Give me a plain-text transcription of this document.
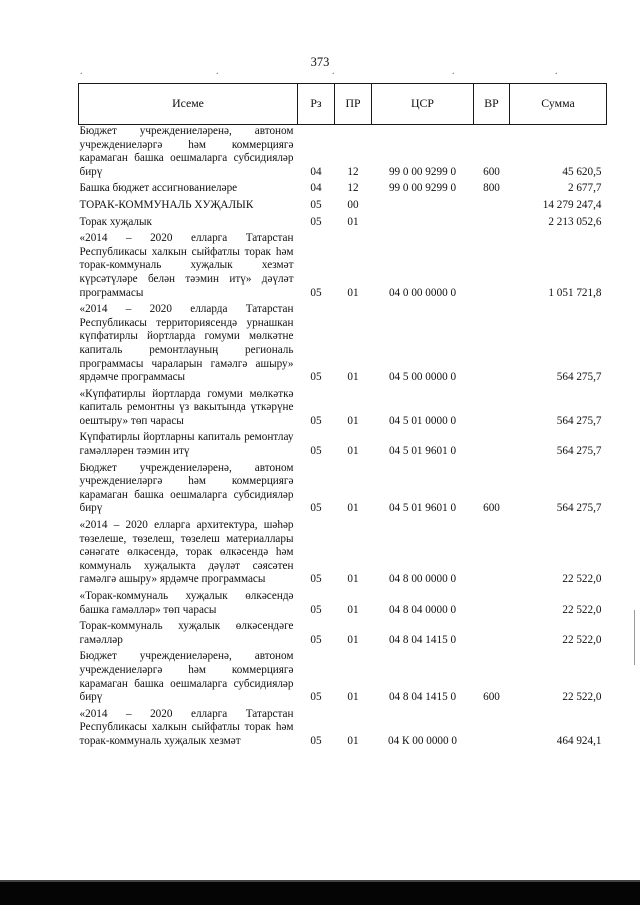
373
.	.	.	.	.
Исеме	Рз	ПР	ЦСР	ВР	Сумма
Бюджет учреждениеләренә, автоном учреждениеләргә һәм коммерциягә карамаган башка оешмаларга субсидияләр бирү	04	12	99 0 00 9299 0	600	45 620,5
Башка бюджет ассигнованиеләре	04	12	99 0 00 9299 0	800	2 677,7
ТОРАК-КОММУНАЛЬ ХУҖАЛЫК	05	00			14 279 247,4
Торак хуҗалык	05	01			2 213 052,6
«2014 – 2020 елларга Татарстан Республикасы халкын сыйфатлы торак һәм торак-коммуналь хуҗалык хезмәт күрсәтүләре белән тәэмин итү» дәүләт программасы	05	01	04 0 00 0000 0		1 051 721,8
«2014 – 2020 елларда Татарстан Республикасы территориясендә урнашкан күпфатирлы йортларда гомуми мөлкәтне капиталь ремонтлауның региональ программасы чараларын гамәлгә ашыру» ярдәмче программасы	05	01	04 5 00 0000 0		564 275,7
«Күпфатирлы йортларда гомуми мөлкәткә капиталь ремонтны үз вакытында үткәрүне оештыру» төп чарасы	05	01	04 5 01 0000 0		564 275,7
Күпфатирлы йортларны капиталь ремонтлау гамәлләрен тәэмин итү	05	01	04 5 01 9601 0		564 275,7
Бюджет учреждениеләренә, автоном учреждениеләргә һәм коммерциягә карамаган башка оешмаларга субсидияләр бирү	05	01	04 5 01 9601 0	600	564 275,7
«2014 – 2020 елларга архитектура, шәһәр төзелеше, төзелеш, төзелеш материаллары сәнәгате өлкәсендә, торак өлкәсендә һәм коммуналь хуҗалыкта дәүләт сәясәтен гамәлгә ашыру» ярдәмче программасы	05	01	04 8 00 0000 0		22 522,0
«Торак-коммуналь хуҗалык өлкәсендә башка гамәлләр» төп чарасы	05	01	04 8 04 0000 0		22 522,0
Торак-коммуналь хуҗалык өлкәсендәге гамәлләр	05	01	04 8 04 1415 0		22 522,0
Бюджет учреждениеләренә, автоном учреждениеләргә һәм коммерциягә карамаган башка оешмаларга субсидияләр бирү	05	01	04 8 04 1415 0	600	22 522,0
«2014 – 2020 елларга Татарстан Республикасы халкын сыйфатлы торак һәм торак-коммуналь хуҗалык хезмәт	05	01	04 К 00 0000 0		464 924,1
